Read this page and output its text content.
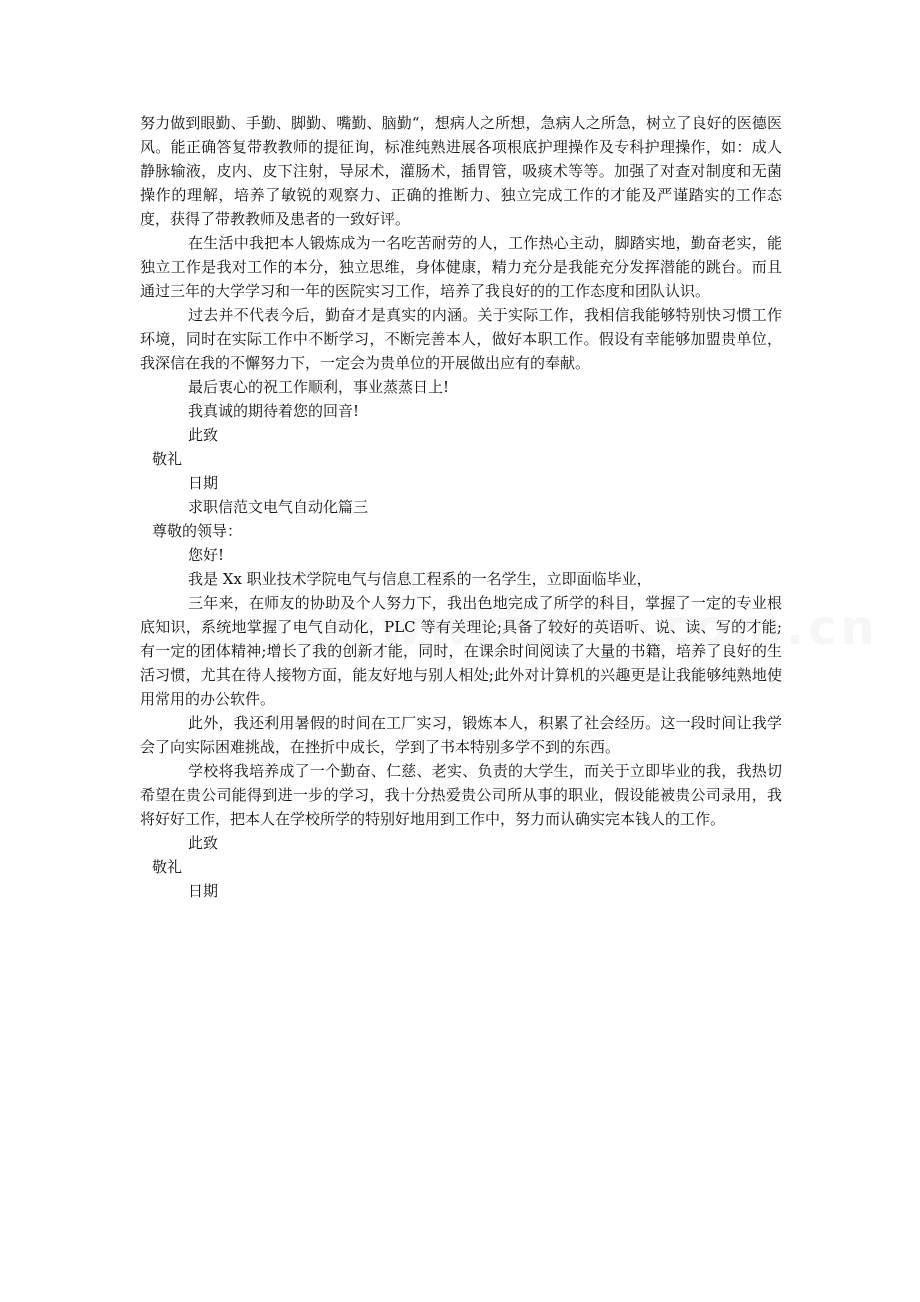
努力做到眼勤、手勤、脚勤、嘴勤、脑勤“，想病人之所想，急病人之所急，树立了良好的医德医风。能正确答复带教教师的提征询，标准纯熟进展各项根底护理操作及专科护理操作，如：成人静脉输液，皮内、皮下注射，导尿术，灌肠术，插胃管，吸痰术等等。加强了对查对制度和无菌操作的理解，培养了敏锐的观察力、正确的推断力、独立完成工作的才能及严谨踏实的工作态度，获得了带教教师及患者的一致好评。

在生活中我把本人锻炼成为一名吃苦耐劳的人，工作热心主动，脚踏实地，勤奋老实，能独立工作是我对工作的本分，独立思维，身体健康，精力充分是我能充分发挥潜能的跳台。而且通过三年的大学学习和一年的医院实习工作，培养了我良好的的工作态度和团队认识。

过去并不代表今后，勤奋才是真实的内涵。关于实际工作，我相信我能够特别快习惯工作环境，同时在实际工作中不断学习，不断完善本人，做好本职工作。假设有幸能够加盟贵单位，我深信在我的不懈努力下，一定会为贵单位的开展做出应有的奉献。

最后衷心的祝工作顺利，事业蒸蒸日上!

我真诚的期待着您的回音!

此致

敬礼

日期

求职信范文电气自动化篇三

尊敬的领导：

您好!

我是 Xx 职业技术学院电气与信息工程系的一名学生，立即面临毕业，

三年来，在师友的协助及个人努力下，我出色地完成了所学的科目，掌握了一定的专业根底知识，系统地掌握了电气自动化，PLC 等有关理论;具备了较好的英语听、说、读、写的才能;有一定的团体精神;增长了我的创新才能，同时，在课余时间阅读了大量的书籍，培养了良好的生活习惯，尤其在待人接物方面，能友好地与别人相处;此外对计算机的兴趣更是让我能够纯熟地使用常用的办公软件。

此外，我还利用暑假的时间在工厂实习，锻炼本人，积累了社会经历。这一段时间让我学会了向实际困难挑战，在挫折中成长，学到了书本特别多学不到的东西。

学校将我培养成了一个勤奋、仁慈、老实、负责的大学生，而关于立即毕业的我，我热切希望在贵公司能得到进一步的学习，我十分热爱贵公司所从事的职业，假设能被贵公司录用，我将好好工作，把本人在学校所学的特别好地用到工作中，努力而认确实完本钱人的工作。

此致

敬礼

日期
